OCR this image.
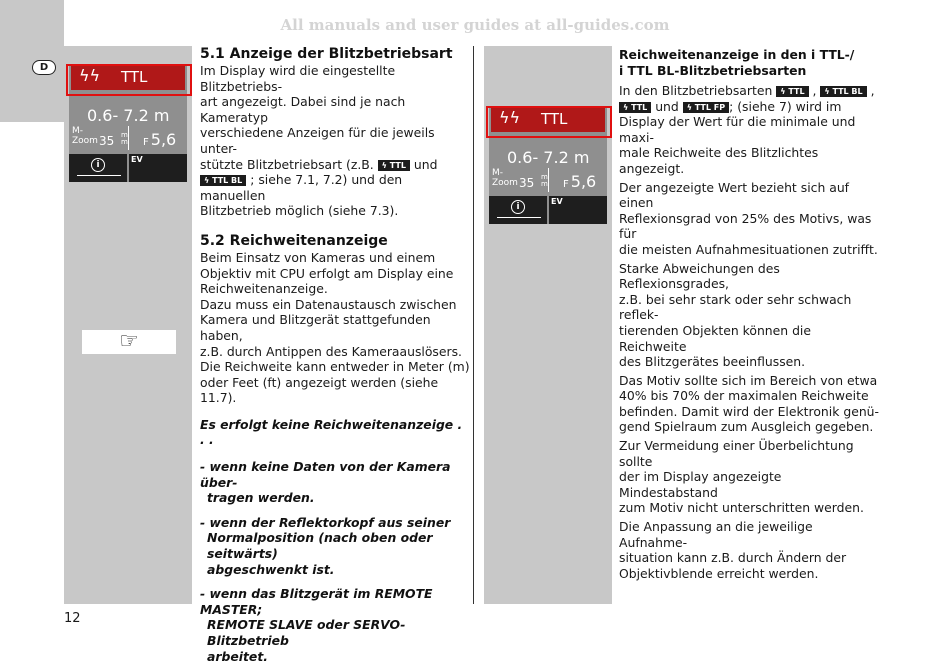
All manuals and user guides at all-guides.com
D	ϟϟ TTL
0.6- 7.2 m
M-
Zoom 35 m
m F 5,6
i
EV
☞
5.1 Anzeige der Blitzbetriebsart

Im Display wird die eingestellte Blitzbetriebs-

art angezeigt. Dabei sind je nach Kameratyp

verschiedene Anzeigen für die jeweils unter-

stützte Blitzbetriebsart (z.B. ϟ TTL und

ϟ TTL BL ; siehe 7.1, 7.2) und den manuellen

Blitzbetrieb möglich (siehe 7.3).

5.2 Reichweitenanzeige

Beim Einsatz von Kameras und einem

Objektiv mit CPU erfolgt am Display eine

Reichweitenanzeige.

Dazu muss ein Datenaustausch zwischen

Kamera und Blitzgerät stattgefunden haben,

z.B. durch Antippen des Kameraauslösers.

Die Reichweite kann entweder in Meter (m)

oder Feet (ft) angezeigt werden (siehe 11.7).

Es erfolgt keine Reichweitenanzeige . . .

- wenn keine Daten von der Kamera über-

tragen werden.

- wenn der Reflektorkopf aus seiner

Normalposition (nach oben oder seitwärts)

abgeschwenkt ist.

- wenn das Blitzgerät im REMOTE MASTER;

REMOTE SLAVE oder SERVO-Blitzbetrieb

arbeitet.

ϟϟ TTL
0.6- 7.2 m
M-
Zoom 35 m
m F 5,6
i
EV

Reichweitenanzeige in den i TTL-/

i TTL BL-Blitzbetriebsarten

In den Blitzbetriebsarten ϟ TTL , ϟ TTL BL ,

ϟ TTL und ϟ TTL FP ; (siehe 7) wird im

Display der Wert für die minimale und maxi-

male Reichweite des Blitzlichtes angezeigt.

Der angezeigte Wert bezieht sich auf einen

Reflexionsgrad von 25% des Motivs, was für

die meisten Aufnahmesituationen zutrifft.

Starke Abweichungen des Reflexionsgrades,

z.B. bei sehr stark oder sehr schwach reflek-

tierenden Objekten können die Reichweite

des Blitzgerätes beeinflussen.

Das Motiv sollte sich im Bereich von etwa

40% bis 70% der maximalen Reichweite

befinden. Damit wird der Elektronik genü-

gend Spielraum zum Ausgleich gegeben.

Zur Vermeidung einer Überbelichtung sollte

der im Display angezeigte Mindestabstand

zum Motiv nicht unterschritten werden.

Die Anpassung an die jeweilige Aufnahme-

situation kann z.B. durch Ändern der

Objektivblende erreicht werden.

12
